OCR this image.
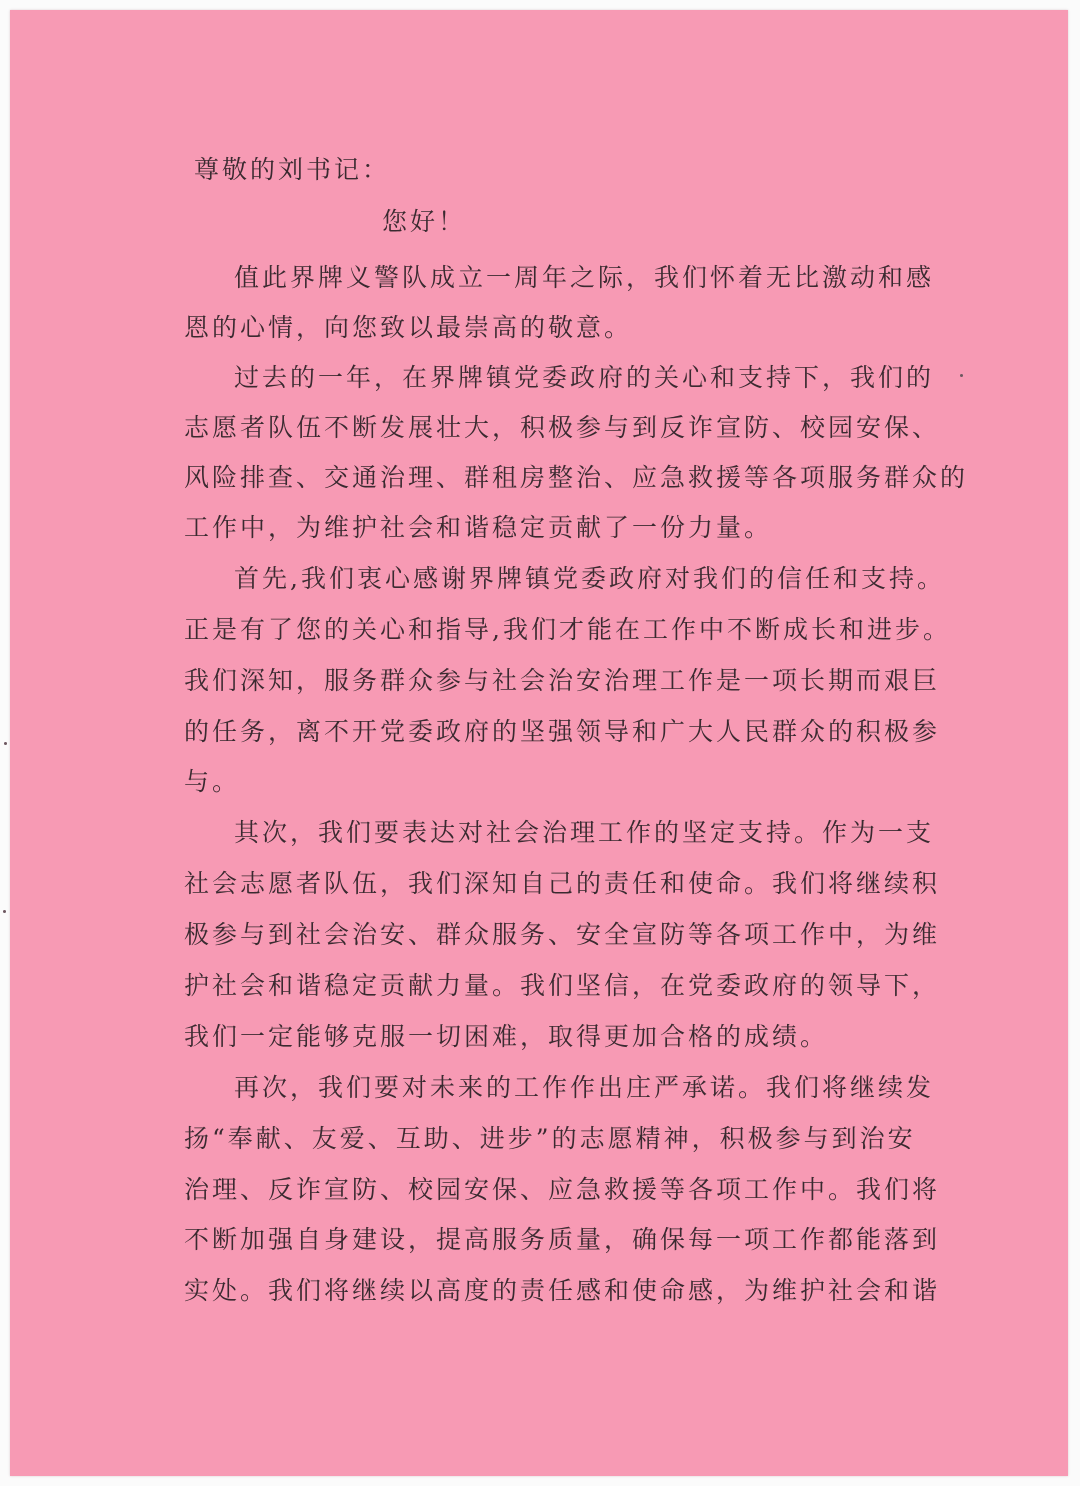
尊敬的刘书记：
您好！
值此界牌义警队成立一周年之际，我们怀着无比激动和感
恩的心情，向您致以最崇高的敬意。
过去的一年，在界牌镇党委政府的关心和支持下，我们的
志愿者队伍不断发展壮大，积极参与到反诈宣防、校园安保、
风险排查、交通治理、群租房整治、应急救援等各项服务群众的
工作中，为维护社会和谐稳定贡献了一份力量。
首先,我们衷心感谢界牌镇党委政府对我们的信任和支持。
正是有了您的关心和指导,我们才能在工作中不断成长和进步。
我们深知，服务群众参与社会治安治理工作是一项长期而艰巨
的任务，离不开党委政府的坚强领导和广大人民群众的积极参
与。
其次，我们要表达对社会治理工作的坚定支持。作为一支
社会志愿者队伍，我们深知自己的责任和使命。我们将继续积
极参与到社会治安、群众服务、安全宣防等各项工作中，为维
护社会和谐稳定贡献力量。我们坚信，在党委政府的领导下，
我们一定能够克服一切困难，取得更加合格的成绩。
再次，我们要对未来的工作作出庄严承诺。我们将继续发
扬“奉献、友爱、互助、进步”的志愿精神，积极参与到治安
治理、反诈宣防、校园安保、应急救援等各项工作中。我们将
不断加强自身建设，提高服务质量，确保每一项工作都能落到
实处。我们将继续以高度的责任感和使命感，为维护社会和谐
